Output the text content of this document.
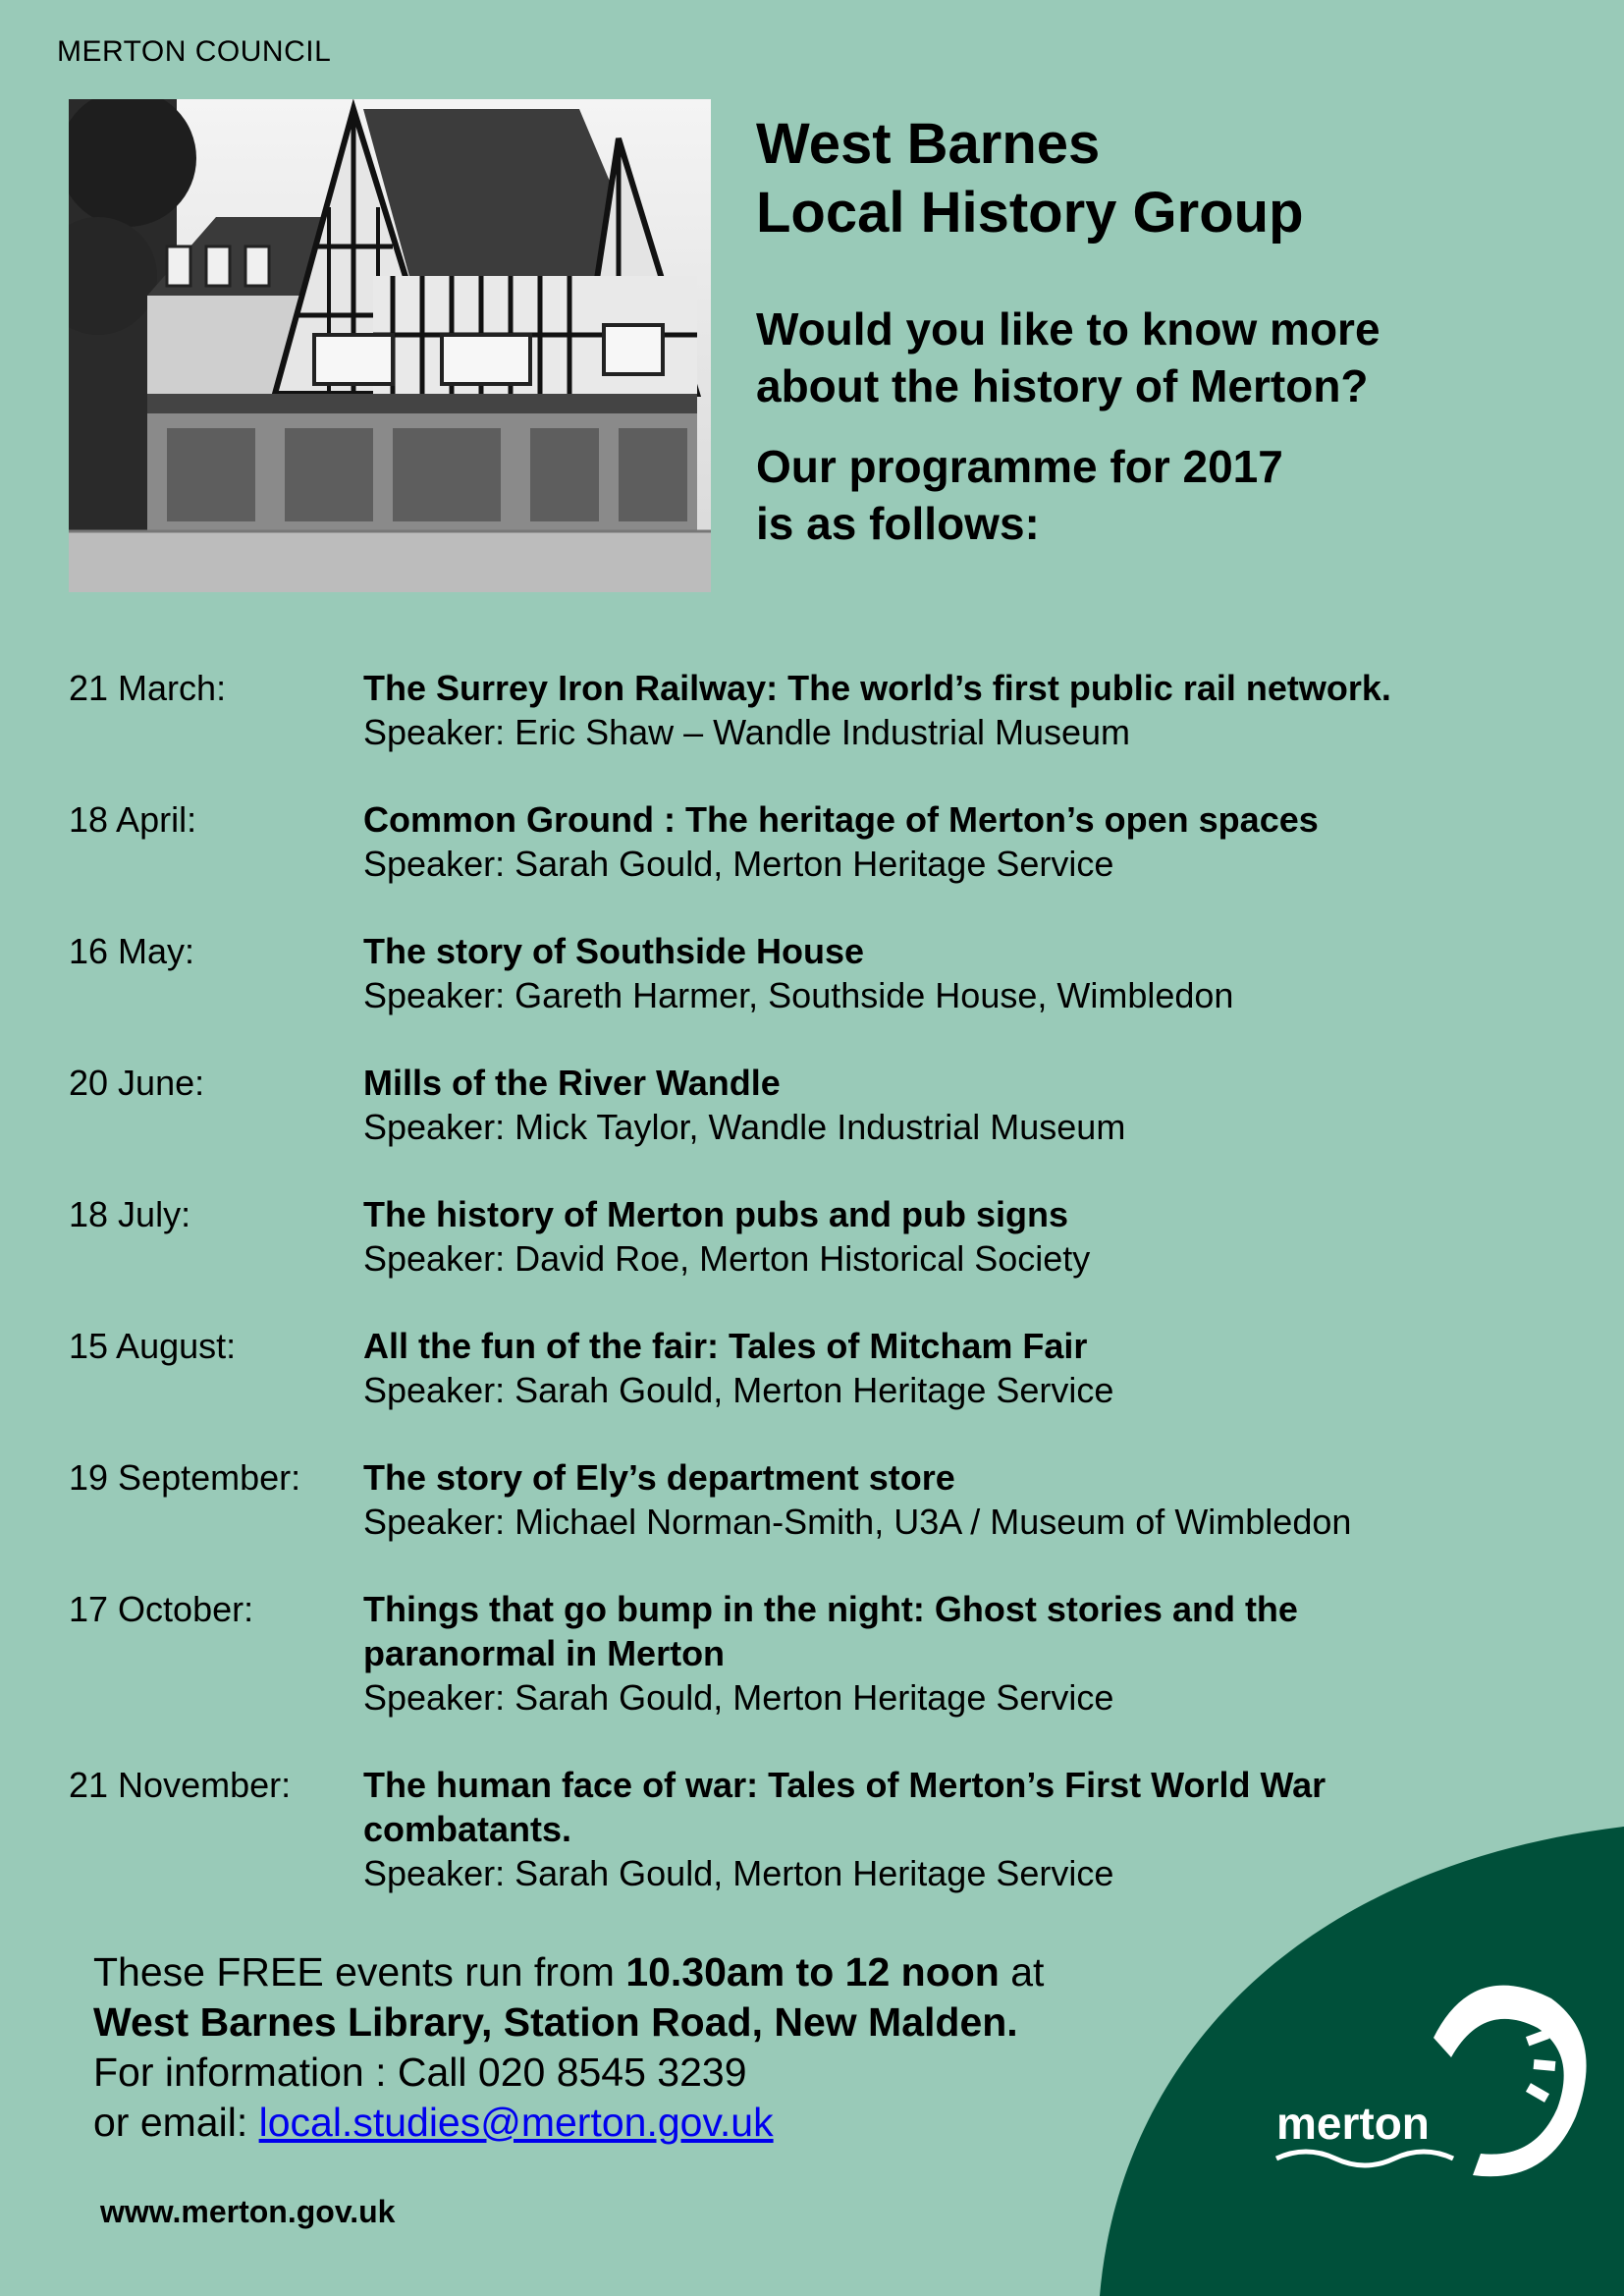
MERTON COUNCIL
West Barnes
Local History Group
Would you like to know more
about the history of Merton?
Our programme for 2017
is as follows:
21 March:	The Surrey Iron Railway: The world’s first public rail network.
Speaker: Eric Shaw – Wandle Industrial Museum
18 April:	Common Ground : The heritage of Merton’s open spaces
Speaker: Sarah Gould, Merton Heritage Service
16 May:	The story of Southside House
Speaker: Gareth Harmer, Southside House, Wimbledon
20 June:	Mills of the River Wandle
Speaker: Mick Taylor, Wandle Industrial Museum
18 July:	The history of Merton pubs and pub signs
Speaker: David Roe, Merton Historical Society
15 August:	All the fun of the fair: Tales of Mitcham Fair
Speaker: Sarah Gould, Merton Heritage Service
19 September: The story of Ely’s department store
Speaker: Michael Norman-Smith, U3A / Museum of Wimbledon
17 October:	Things that go bump in the night: Ghost stories and the paranormal in Merton
Speaker: Sarah Gould, Merton Heritage Service
21 November: The human face of war: Tales of Merton’s First World War combatants.
Speaker: Sarah Gould, Merton Heritage Service
merton
These FREE events run from 10.30am to 12 noon at
West Barnes Library, Station Road, New Malden.
For information : Call 020 8545 3239
or email: local.studies@merton.gov.uk
www.merton.gov.uk
